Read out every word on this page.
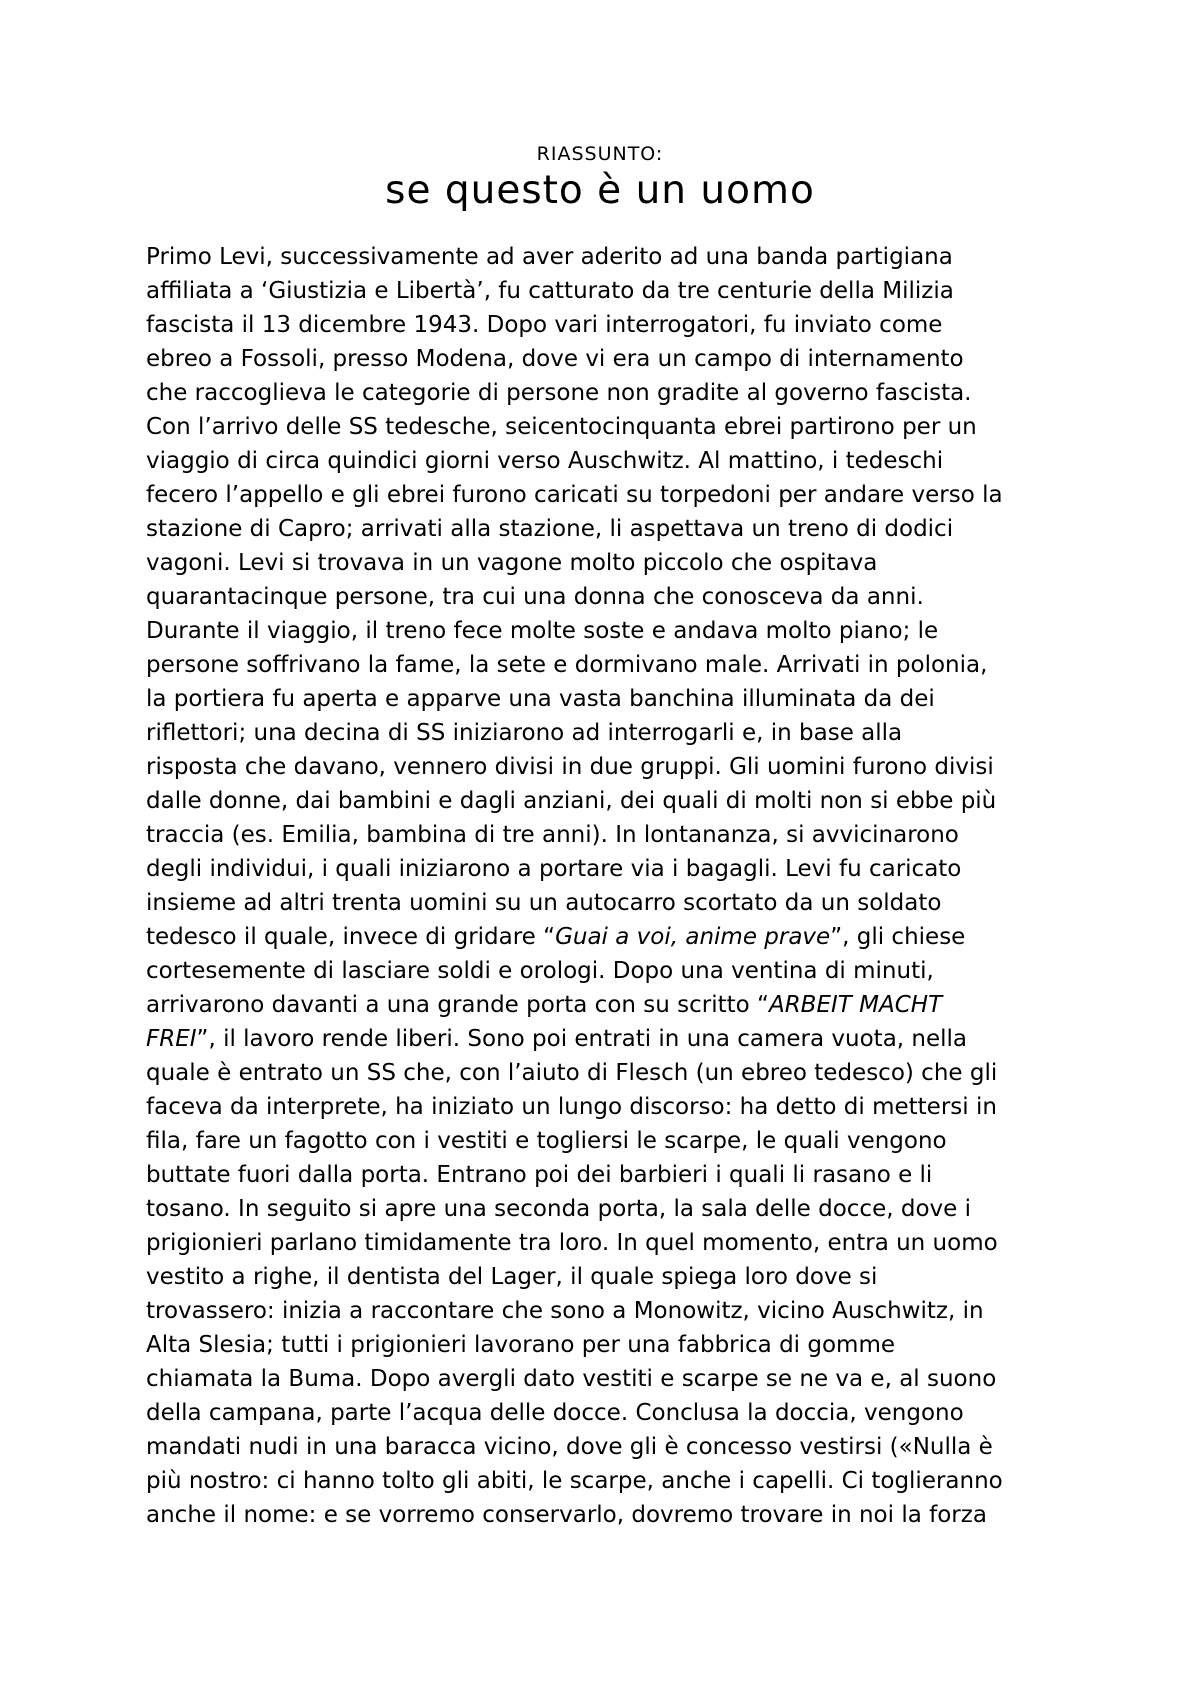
RIASSUNTO:
se questo è un uomo
Primo Levi, successivamente ad aver aderito ad una banda partigiana
affiliata a ‘Giustizia e Libertà’, fu catturato da tre centurie della Milizia
fascista il 13 dicembre 1943. Dopo vari interrogatori, fu inviato come
ebreo a Fossoli, presso Modena, dove vi era un campo di internamento
che raccoglieva le categorie di persone non gradite al governo fascista.
Con l’arrivo delle SS tedesche, seicentocinquanta ebrei partirono per un
viaggio di circa quindici giorni verso Auschwitz. Al mattino, i tedeschi
fecero l’appello e gli ebrei furono caricati su torpedoni per andare verso la
stazione di Capro; arrivati alla stazione, li aspettava un treno di dodici
vagoni. Levi si trovava in un vagone molto piccolo che ospitava
quarantacinque persone, tra cui una donna che conosceva da anni.
Durante il viaggio, il treno fece molte soste e andava molto piano; le
persone soffrivano la fame, la sete e dormivano male. Arrivati in polonia,
la portiera fu aperta e apparve una vasta banchina illuminata da dei
riflettori; una decina di SS iniziarono ad interrogarli e, in base alla
risposta che davano, vennero divisi in due gruppi. Gli uomini furono divisi
dalle donne, dai bambini e dagli anziani, dei quali di molti non si ebbe più
traccia (es. Emilia, bambina di tre anni). In lontananza, si avvicinarono
degli individui, i quali iniziarono a portare via i bagagli. Levi fu caricato
insieme ad altri trenta uomini su un autocarro scortato da un soldato
tedesco il quale, invece di gridare “Guai a voi, anime prave”, gli chiese
cortesemente di lasciare soldi e orologi. Dopo una ventina di minuti,
arrivarono davanti a una grande porta con su scritto “ARBEIT MACHT
FREI”, il lavoro rende liberi. Sono poi entrati in una camera vuota, nella
quale è entrato un SS che, con l’aiuto di Flesch (un ebreo tedesco) che gli
faceva da interprete, ha iniziato un lungo discorso: ha detto di mettersi in
fila, fare un fagotto con i vestiti e togliersi le scarpe, le quali vengono
buttate fuori dalla porta. Entrano poi dei barbieri i quali li rasano e li
tosano. In seguito si apre una seconda porta, la sala delle docce, dove i
prigionieri parlano timidamente tra loro. In quel momento, entra un uomo
vestito a righe, il dentista del Lager, il quale spiega loro dove si
trovassero: inizia a raccontare che sono a Monowitz, vicino Auschwitz, in
Alta Slesia; tutti i prigionieri lavorano per una fabbrica di gomme
chiamata la Buma. Dopo avergli dato vestiti e scarpe se ne va e, al suono
della campana, parte l’acqua delle docce. Conclusa la doccia, vengono
mandati nudi in una baracca vicino, dove gli è concesso vestirsi («Nulla è
più nostro: ci hanno tolto gli abiti, le scarpe, anche i capelli. Ci toglieranno
anche il nome: e se vorremo conservarlo, dovremo trovare in noi la forza
